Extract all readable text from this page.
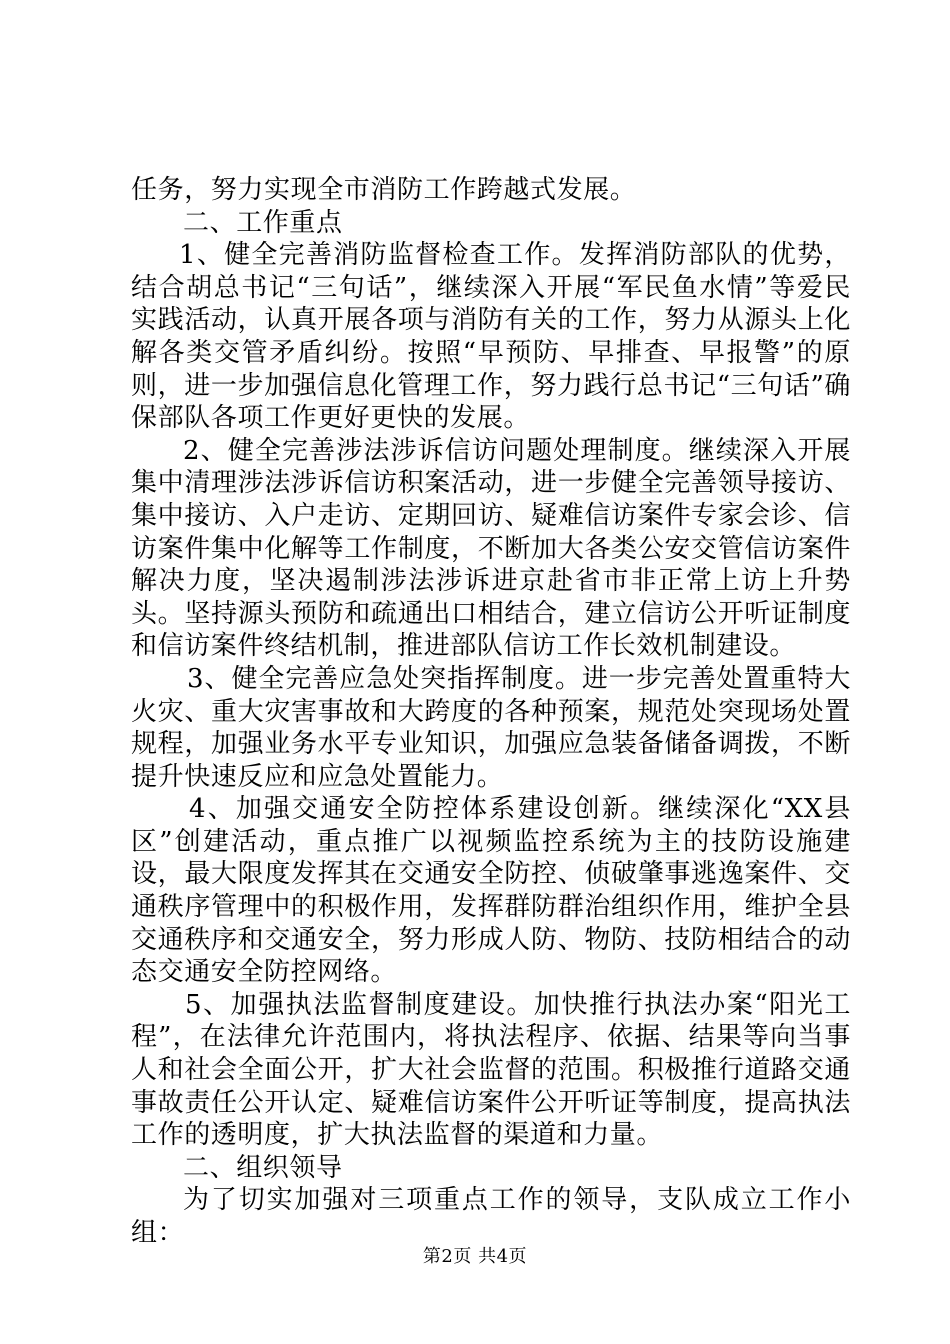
任务，努力实现全市消防工作跨越式发展。

二、工作重点

1、健全完善消防监督检查工作。发挥消防部队的优势，结合胡总书记“三句话”，继续深入开展“军民鱼水情”等爱民实践活动，认真开展各项与消防有关的工作，努力从源头上化解各类交管矛盾纠纷。按照“早预防、早排查、早报警”的原则，进一步加强信息化管理工作，努力践行总书记“三句话”确保部队各项工作更好更快的发展。

2、健全完善涉法涉诉信访问题处理制度。继续深入开展集中清理涉法涉诉信访积案活动，进一步健全完善领导接访、集中接访、入户走访、定期回访、疑难信访案件专家会诊、信访案件集中化解等工作制度，不断加大各类公安交管信访案件解决力度，坚决遏制涉法涉诉进京赴省市非正常上访上升势头。坚持源头预防和疏通出口相结合，建立信访公开听证制度和信访案件终结机制，推进部队信访工作长效机制建设。

3、健全完善应急处突指挥制度。进一步完善处置重特大火灾、重大灾害事故和大跨度的各种预案，规范处突现场处置规程，加强业务水平专业知识，加强应急装备储备调拨，不断提升快速反应和应急处置能力。

4、加强交通安全防控体系建设创新。继续深化“XX县区”创建活动，重点推广以视频监控系统为主的技防设施建设，最大限度发挥其在交通安全防控、侦破肇事逃逸案件、交通秩序管理中的积极作用，发挥群防群治组织作用，维护全县交通秩序和交通安全，努力形成人防、物防、技防相结合的动态交通安全防控网络。

5、加强执法监督制度建设。加快推行执法办案“阳光工程”，在法律允许范围内，将执法程序、依据、结果等向当事人和社会全面公开，扩大社会监督的范围。积极推行道路交通事故责任公开认定、疑难信访案件公开听证等制度，提高执法工作的透明度，扩大执法监督的渠道和力量。

二、组织领导

为了切实加强对三项重点工作的领导，支队成立工作小组：

第2页 共4页
